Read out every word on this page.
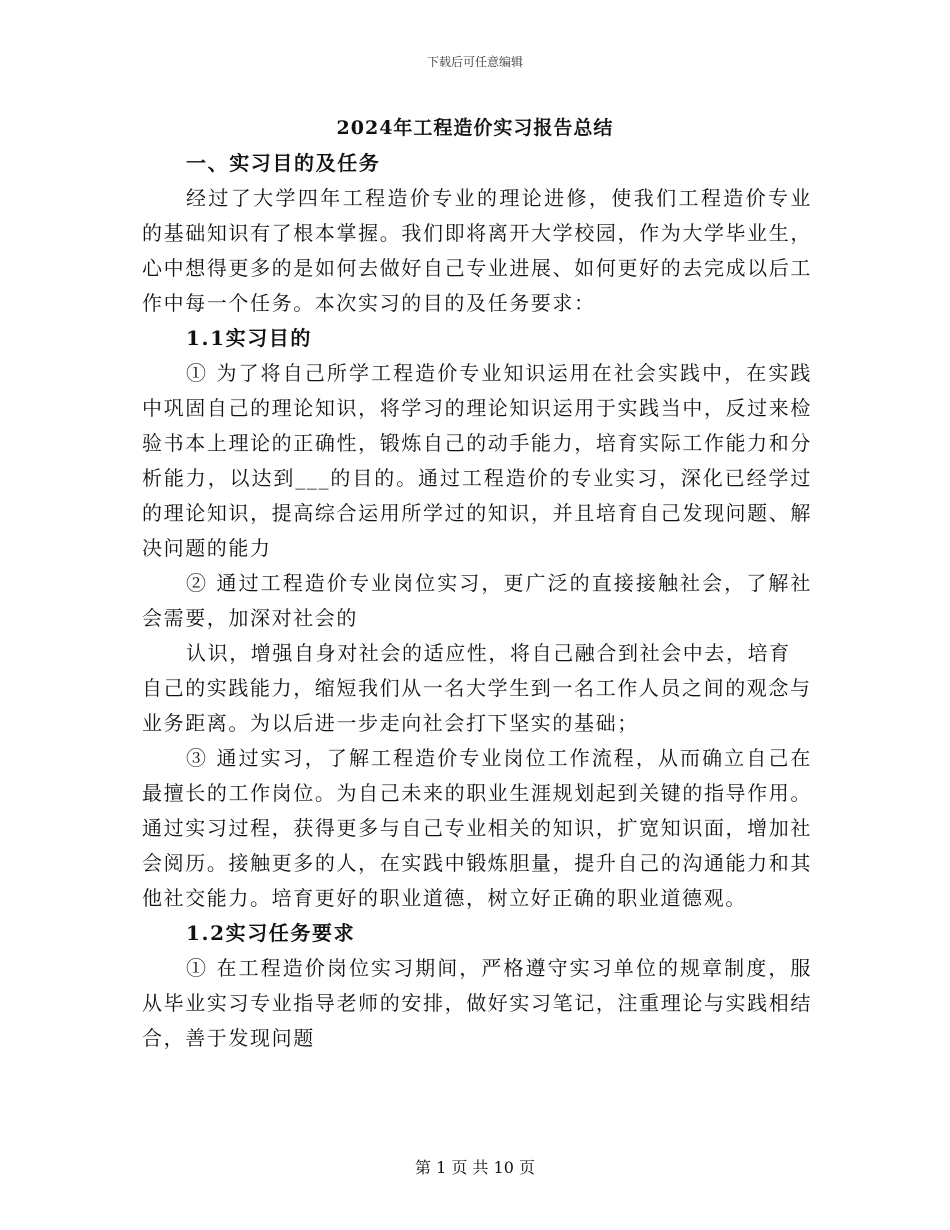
下载后可任意编辑
2024年工程造价实习报告总结
一、实习目的及任务

经过了大学四年工程造价专业的理论进修，使我们工程造价专业的基础知识有了根本掌握。我们即将离开大学校园，作为大学毕业生，心中想得更多的是如何去做好自己专业进展、如何更好的去完成以后工作中每一个任务。本次实习的目的及任务要求：

1.1实习目的

① 为了将自己所学工程造价专业知识运用在社会实践中，在实践中巩固自己的理论知识，将学习的理论知识运用于实践当中，反过来检验书本上理论的正确性，锻炼自己的动手能力，培育实际工作能力和分析能力，以达到___的目的。通过工程造价的专业实习，深化已经学过的理论知识，提高综合运用所学过的知识，并且培育自己发现问题、解决问题的能力

② 通过工程造价专业岗位实习，更广泛的直接接触社会，了解社会需要，加深对社会的

认识，增强自身对社会的适应性，将自己融合到社会中去，培育自己的实践能力，缩短我们从一名大学生到一名工作人员之间的观念与业务距离。为以后进一步走向社会打下坚实的基础；

③ 通过实习，了解工程造价专业岗位工作流程，从而确立自己在最擅长的工作岗位。为自己未来的职业生涯规划起到关键的指导作用。通过实习过程，获得更多与自己专业相关的知识，扩宽知识面，增加社会阅历。接触更多的人，在实践中锻炼胆量，提升自己的沟通能力和其他社交能力。培育更好的职业道德，树立好正确的职业道德观。

1.2实习任务要求

① 在工程造价岗位实习期间，严格遵守实习单位的规章制度，服从毕业实习专业指导老师的安排，做好实习笔记，注重理论与实践相结合，善于发现问题

第 1 页 共 10 页
